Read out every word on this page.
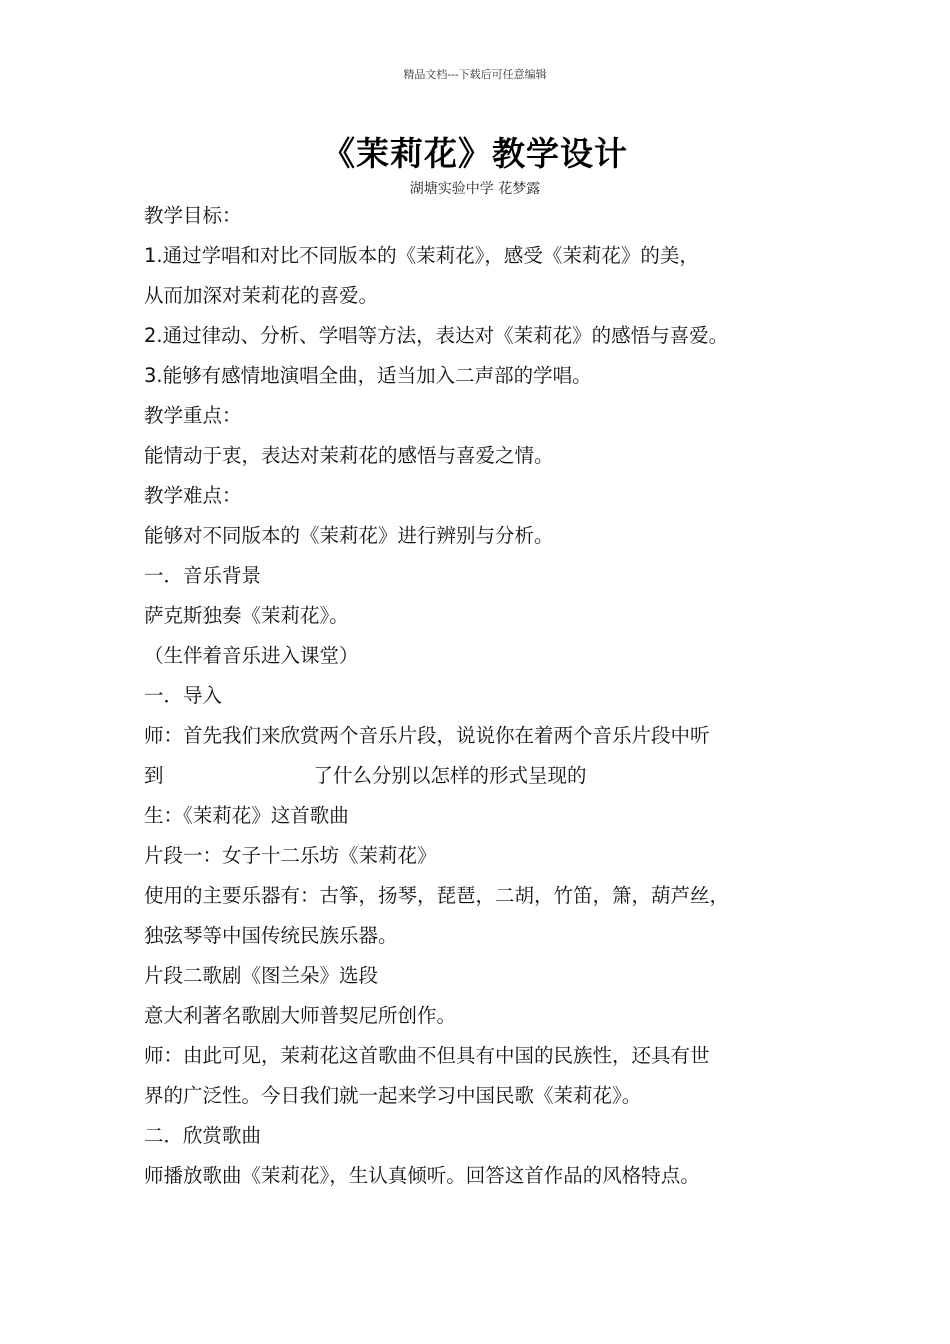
精品文档---下载后可任意编辑
《茉莉花》教学设计
湖塘实验中学 花梦露
教学目标：
1.通过学唱和对比不同版本的《茉莉花》，感受《茉莉花》的美，
从而加深对茉莉花的喜爱。
2.通过律动、分析、学唱等方法，表达对《茉莉花》的感悟与喜爱。
3.能够有感情地演唱全曲，适当加入二声部的学唱。
教学重点：
能情动于衷，表达对茉莉花的感悟与喜爱之情。
教学难点：
能够对不同版本的《茉莉花》进行辨别与分析。
一．音乐背景
萨克斯独奏《茉莉花》。
（生伴着音乐进入课堂）
一．导入
师：首先我们来欣赏两个音乐片段，说说你在着两个音乐片段中听
到	了什么分别以怎样的形式呈现的
生：《茉莉花》这首歌曲
片段一：女子十二乐坊《茉莉花》
使用的主要乐器有：古筝，扬琴，琵琶，二胡，竹笛，箫，葫芦丝，
独弦琴等中国传统民族乐器。
片段二歌剧《图兰朵》选段
意大利著名歌剧大师普契尼所创作。
师：由此可见，茉莉花这首歌曲不但具有中国的民族性，还具有世
界的广泛性。今日我们就一起来学习中国民歌《茉莉花》。
二．欣赏歌曲
师播放歌曲《茉莉花》，生认真倾听。回答这首作品的风格特点。
